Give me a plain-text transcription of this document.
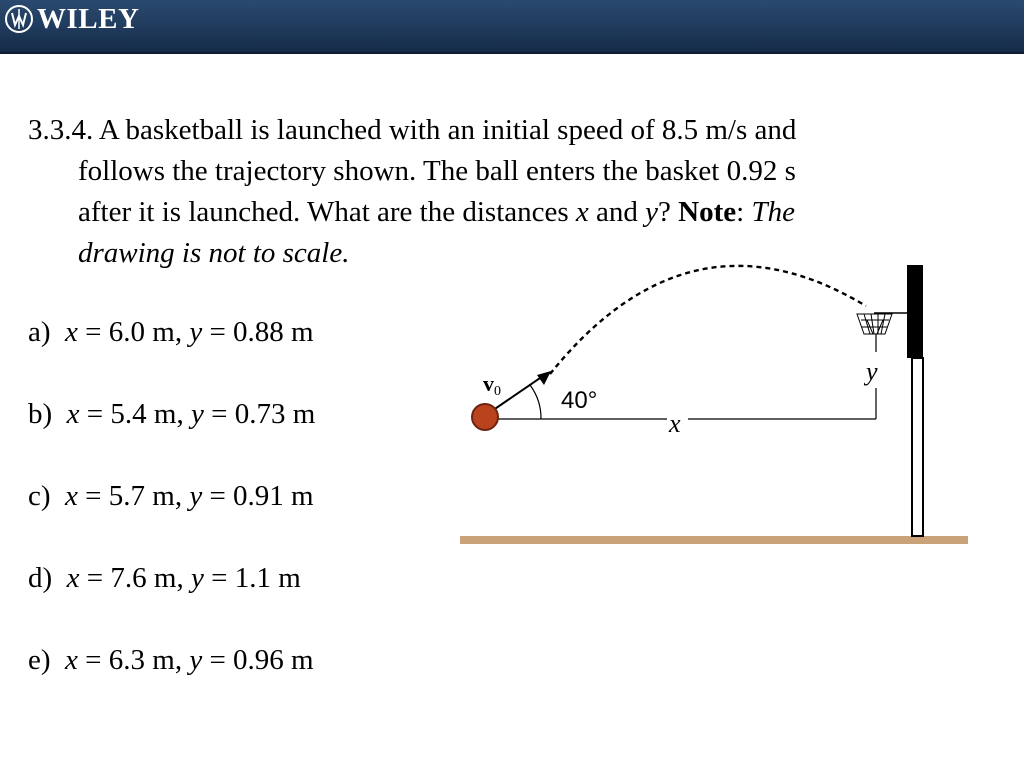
WILEY
3.3.4. A basketball is launched with an initial speed of 8.5 m/s and
follows the trajectory shown. The ball enters the basket 0.92 s
after it is launched. What are the distances x and y? Note: The
drawing is not to scale.
a) x = 6.0 m, y = 0.88 m
b) x = 5.4 m, y = 0.73 m
c) x = 5.7 m, y = 0.91 m
d) x = 7.6 m, y = 1.1 m
e) x = 6.3 m, y = 0.96 m
v0	40°
x
y
